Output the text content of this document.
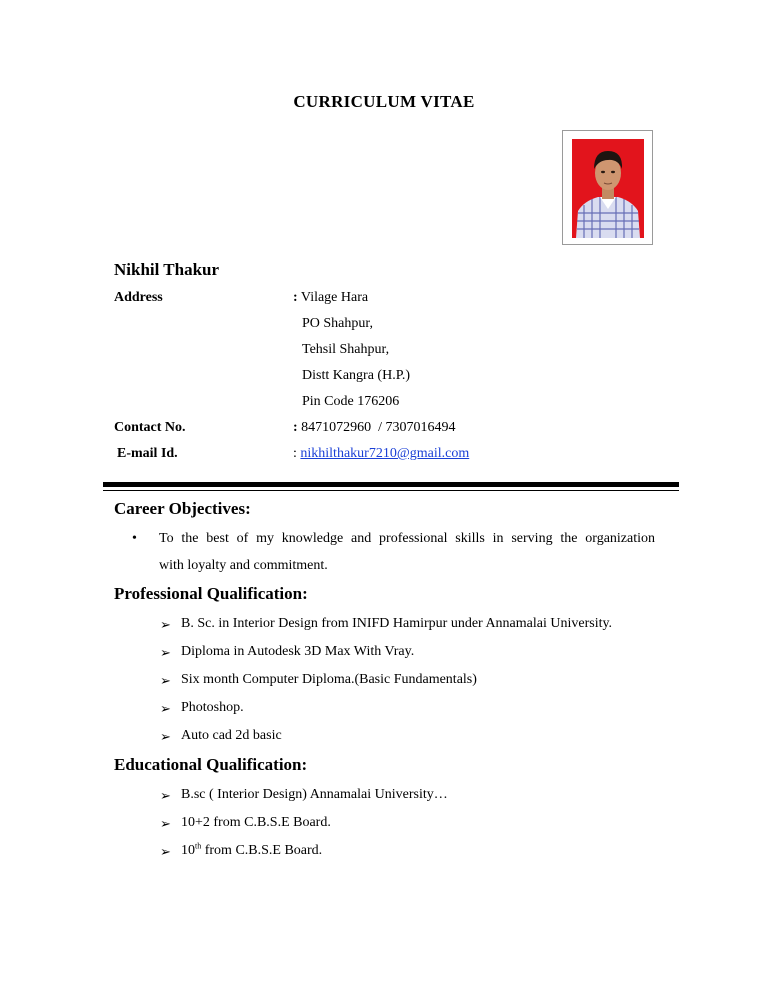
CURRICULUM VITAE
Nikhil Thakur
Address	: Vilage Hara
PO Shahpur,
Tehsil Shahpur,
Distt Kangra (H.P.)
Pin Code 176206
Contact No.	: 8471072960  / 7307016494
E-mail Id.	: nikhilthakur7210@gmail.com
Career Objectives:
• To the best of my knowledge and professional skills in serving the organization
with loyalty and commitment.
Professional Qualification:
➢ B. Sc. in Interior Design from INIFD Hamirpur under Annamalai University.
➢ Diploma in Autodesk 3D Max With Vray.
➢ Six month Computer Diploma.(Basic Fundamentals)
➢ Photoshop.
➢ Auto cad 2d basic
Educational Qualification:
➢ B.sc ( Interior Design) Annamalai University…
➢ 10+2 from C.B.S.E Board.
➢ 10th from C.B.S.E Board.
